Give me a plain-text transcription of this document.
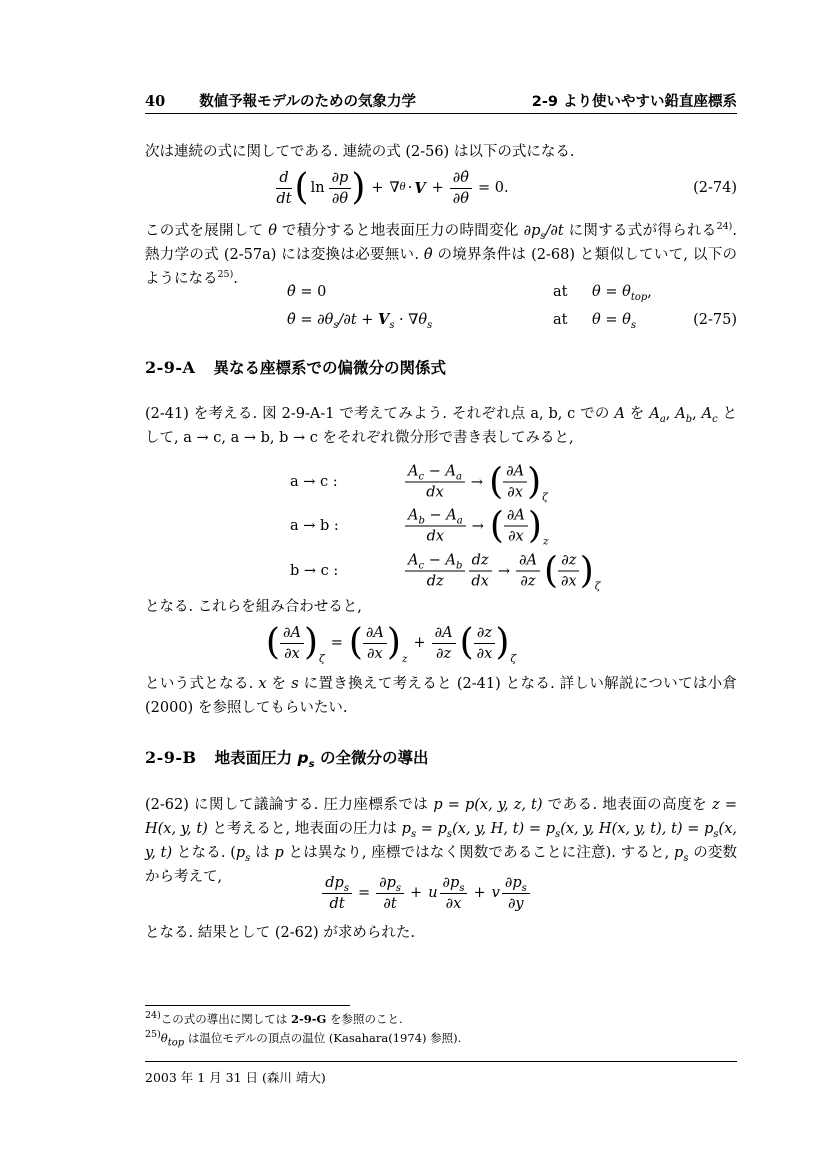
40 数値予報モデルのための気象力学	2-9 より使いやすい鉛直座標系
次は連続の式に関してである. 連続の式 (2-56) は以下の式になる.
$\frac{d}{dt}$ ( $\ln \frac{\partial p}{\partial\theta}$ ) + ∇ $\theta \cdot V + \frac{\partial\thetȧ}{\partial\theta} = 0$.	(2-74)
この式を展開して θ で積分すると地表面圧力の時間変化 $\partial p_s/\partial t$ に関する式が得られる$^{24)}$. 熱力学の式 (2-57a) には変換は必要無い. θ̇ の境界条件は (2-68) と類似していて, 以下のようになる$^{25)}$.
θ̇ = 0	at $\theta = \theta_{top}$,
θ̇ = $\partial\theta_s/\partial t + V_s \cdot \nabla\theta_s$	at $\theta = \theta_s$	(2-75)
2-9-A 異なる座標系での偏微分の関係式
(2-41) を考える. 図 2-9-A-1 で考えてみよう. それぞれ点 a, b, c での A を $A_a$, $A_b$, $A_c$ として, a → c, a → b, b → c をそれぞれ微分形で書き表してみると,
a → c :	$\frac{A_c - A_a}{dx}$ → ( $\frac{\partial A}{\partial x}$ ) ζ
a → b :	$\frac{A_b - A_a}{dx}$ → ( $\frac{\partial A}{\partial x}$ ) z
b → c :	$\frac{A_c - A_b}{dz} \frac{dz}{dx} \to \frac{\partial A}{\partial z}$ ( $\frac{\partial z}{\partial x}$ ) ζ
となる. これらを組み合わせると,
( $\frac{\partial A}{\partial x}$ ) ζ
= ( $\frac{\partial A}{\partial x}$ ) z
+ $\frac{\partial A}{\partial z}$ ( $\frac{\partial z}{\partial x}$ ) ζ
という式となる. x を s に置き換えて考えると (2-41) となる. 詳しい解説については小倉 (2000) を参照してもらいたい.
2-9-B 地表面圧力 $p_s$ の全微分の導出
(2-62) に関して議論する. 圧力座標系では p = p(x, y, z, t) である. 地表面の高度を z = H(x, y, t) と考えると, 地表面の圧力は $p_s = p_s(x$, y, H, $t) = p_s(x$, y, H(x, y, t), $t) = p_s(x$, y, t) となる. ($p_s$ は p とは異なり, 座標ではなく関数であることに注意). すると, $p_s$ の変数から考えて,	$\frac{dp_s}{dt} = \frac{\partial p_s}{\partial t} + u \frac{\partial p_s}{\partial x} + v \frac{\partial p_s}{\partial y}$
となる. 結果として (2-62) が求められた.
$^{24)}$この式の導出に関しては 2-9-G を参照のこと.
$^{25)}\theta_{top}$ は温位モデルの頂点の温位 (Kasahara(1974) 参照).
2003 年 1 月 31 日 (森川 靖大)
